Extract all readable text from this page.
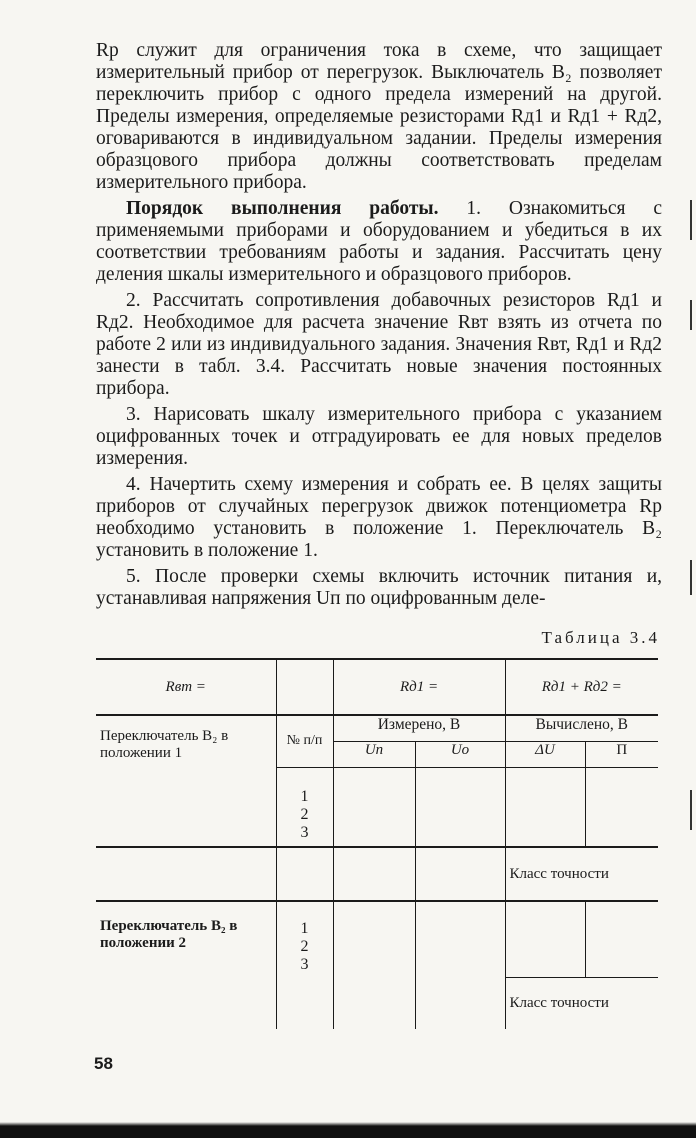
Rр служит для ограничения тока в схеме, что защищает измерительный прибор от перегрузок. Выключатель B₂ позволяет переключить прибор с одного предела измерений на другой. Пределы измерения, определяемые резисторами Rд1 и Rд1 + Rд2, оговариваются в индивидуальном задании. Пределы измерения образцового прибора должны соответствовать пределам измерительного прибора.

Порядок выполнения работы. 1. Ознакомиться с применяемыми приборами и оборудованием и убедиться в их соответствии требованиям работы и задания. Рассчитать цену деления шкалы измерительного и образцового приборов.

2. Рассчитать сопротивления добавочных резисторов Rд1 и Rд2. Необходимое для расчета значение Rвт взять из отчета по работе 2 или из индивидуального задания. Значения Rвт, Rд1 и Rд2 занести в табл. 3.4. Рассчитать новые значения постоянных прибора.

3. Нарисовать шкалу измерительного прибора с указанием оцифрованных точек и отградуировать ее для новых пределов измерения.

4. Начертить схему измерения и собрать ее. В целях защиты приборов от случайных перегрузок движок потенциометра Rр необходимо установить в положение 1. Переключатель B₂ установить в положение 1.

5. После проверки схемы включить источник питания и, устанавливая напряжения Uп по оцифрованным деле-

Таблица 3.4
Rвт =		Rд1 =		Rд1 + Rд2 =	
Переключатель B₂ в положении 1	№ п/п	Измерено, В		Вычислено, В	
		Uп	Uо	ΔU	П

	1
2
3				

				Класс точности	
Переключатель B₂ в положении 2	1
2
3				

				Класс точности	
58
